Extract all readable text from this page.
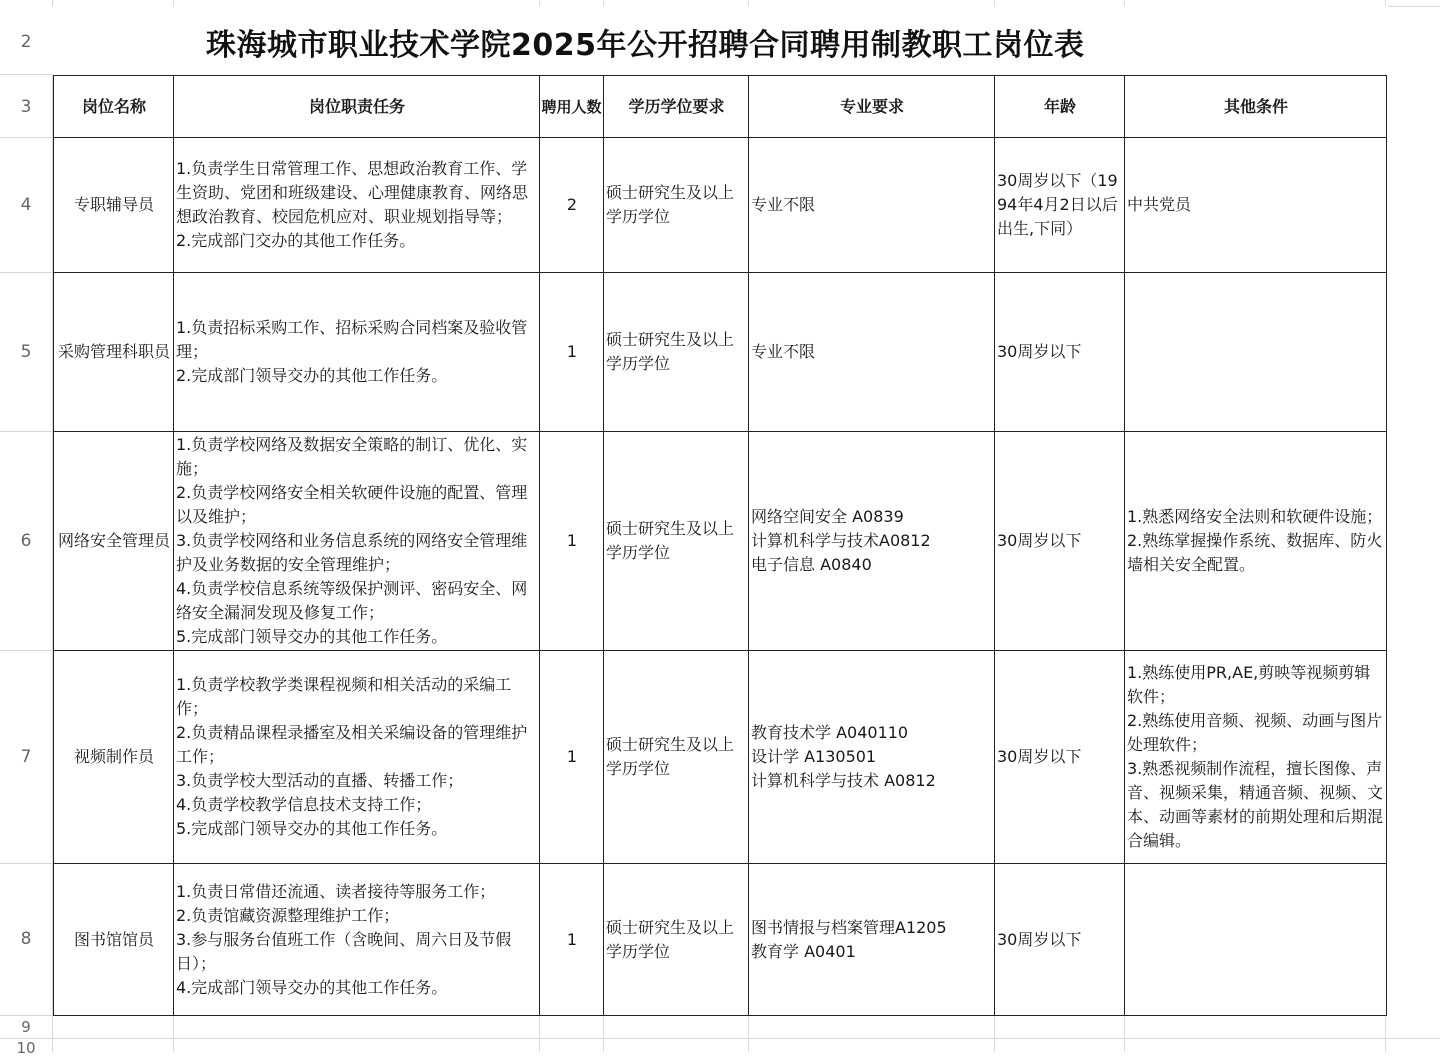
2
3
4
5
6
7
8
9
10
珠海城市职业技术学院2025年公开招聘合同聘用制教职工岗位表
岗位名称	岗位职责任务	聘用人数	学历学位要求	专业要求	年龄	其他条件
专职辅导员	1.负责学生日常管理工作、思想政治教育工作、学生资助、党团和班级建设、心理健康教育、网络思想政治教育、校园危机应对、职业规划指导等；
2.完成部门交办的其他工作任务。	2	硕士研究生及以上学历学位	专业不限	30周岁以下（1994年4月2日以后出生,下同）	中共党员

采购管理科职员	1.负责招标采购工作、招标采购合同档案及验收管理；
2.完成部门领导交办的其他工作任务。	1	硕士研究生及以上学历学位	专业不限	30周岁以下	
网络安全管理员	1.负责学校网络及数据安全策略的制订、优化、实施；
2.负责学校网络安全相关软硬件设施的配置、管理以及维护；
3.负责学校网络和业务信息系统的网络安全管理维护及业务数据的安全管理维护；
4.负责学校信息系统等级保护测评、密码安全、网络安全漏洞发现及修复工作；
5.完成部门领导交办的其他工作任务。	1	硕士研究生及以上学历学位	网络空间安全 A0839
计算机科学与技术A0812
电子信息 A0840	30周岁以下	1.熟悉网络安全法则和软硬件设施；
2.熟练掌握操作系统、数据库、防火墙相关安全配置。

视频制作员	1.负责学校教学类课程视频和相关活动的采编工作；
2.负责精品课程录播室及相关采编设备的管理维护工作；
3.负责学校大型活动的直播、转播工作；
4.负责学校教学信息技术支持工作；
5.完成部门领导交办的其他工作任务。	1	硕士研究生及以上学历学位	教育技术学 A040110
设计学 A130501
计算机科学与技术 A0812	30周岁以下	1.熟练使用PR,AE,剪映等视频剪辑软件；
2.熟练使用音频、视频、动画与图片处理软件；
3.熟悉视频制作流程，擅长图像、声音、视频采集，精通音频、视频、文本、动画等素材的前期处理和后期混合编辑。

图书馆馆员	1.负责日常借还流通、读者接待等服务工作；
2.负责馆藏资源整理维护工作；
3.参与服务台值班工作（含晚间、周六日及节假日）；
4.完成部门领导交办的其他工作任务。	1	硕士研究生及以上学历学位	图书情报与档案管理A1205
教育学 A0401	30周岁以下	
